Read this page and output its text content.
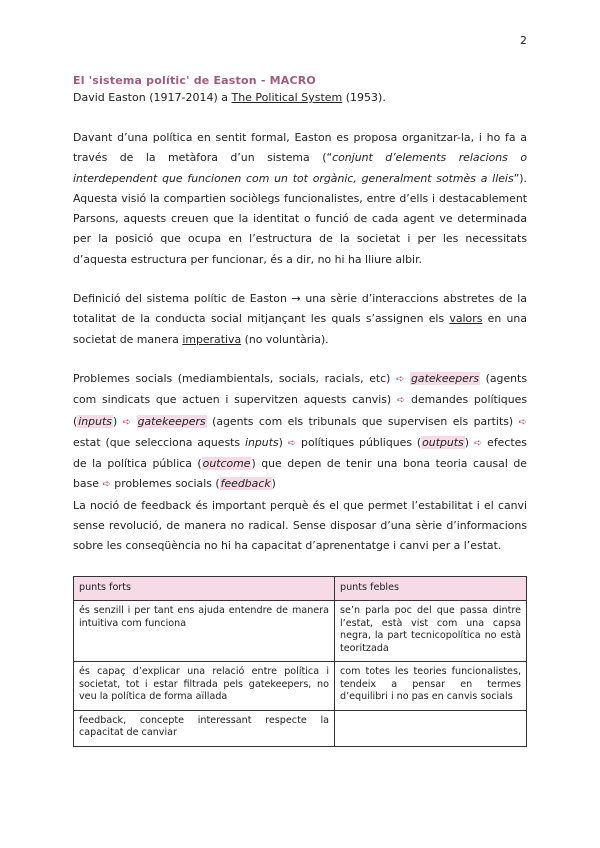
2
El 'sistema polític' de Easton - MACRO

David Easton (1917-2014) a The Political System (1953).

Davant d’una política en sentit formal, Easton es proposa organitzar-la, i ho fa a través de la metàfora d’un sistema (“conjunt d’elements relacions o interdependent que funcionen com un tot orgànic, generalment sotmès a lleis”). Aquesta visió la compartien sociòlegs funcionalistes, entre d’ells i destacablement Parsons, aquests creuen que la identitat o funció de cada agent ve determinada per la posició que ocupa en l’estructura de la societat i per les necessitats d’aquesta estructura per funcionar, és a dir, no hi ha lliure albir.

Definició del sistema polític de Easton → una sèrie d’interaccions abstretes de la totalitat de la conducta social mitjançant les quals s’assignen els valors en una societat de manera imperativa (no voluntària).

Problemes socials (mediambientals, socials, racials, etc) ➪ gatekeepers (agents com sindicats que actuen i supervitzen aquests canvis) ➪ demandes polítiques (inputs) ➪ gatekeepers (agents com els tribunals que supervisen els partits) ➪ estat (que selecciona aquests inputs) ➪ polítiques públiques (outputs) ➪ efectes de la política pública (outcome) que depen de tenir una bona teoria causal de base ➪ problemes socials (feedback)

La noció de feedback és important perquè és el que permet l’estabilitat i el canvi sense revolució, de manera no radical. Sense disposar d’una sèrie d’informacions sobre les conseqüència no hi ha capacitat d’aprenentatge i canvi per a l’estat.

punts forts	punts febles
és senzill i per tant ens ajuda entendre de manera intuitiva com funciona	se’n parla poc del que passa dintre l’estat, està vist com una capsa negra, la part tecnicopolítica no està teoritzada
és capaç d’explicar una relació entre política i societat, tot i estar filtrada pels gatekeepers, no veu la política de forma aïllada	com totes les teories funcionalistes, tendeix a pensar en termes d’equilibri i no pas en canvis socials
feedback, concepte interessant respecte la capacitat de canviar	
